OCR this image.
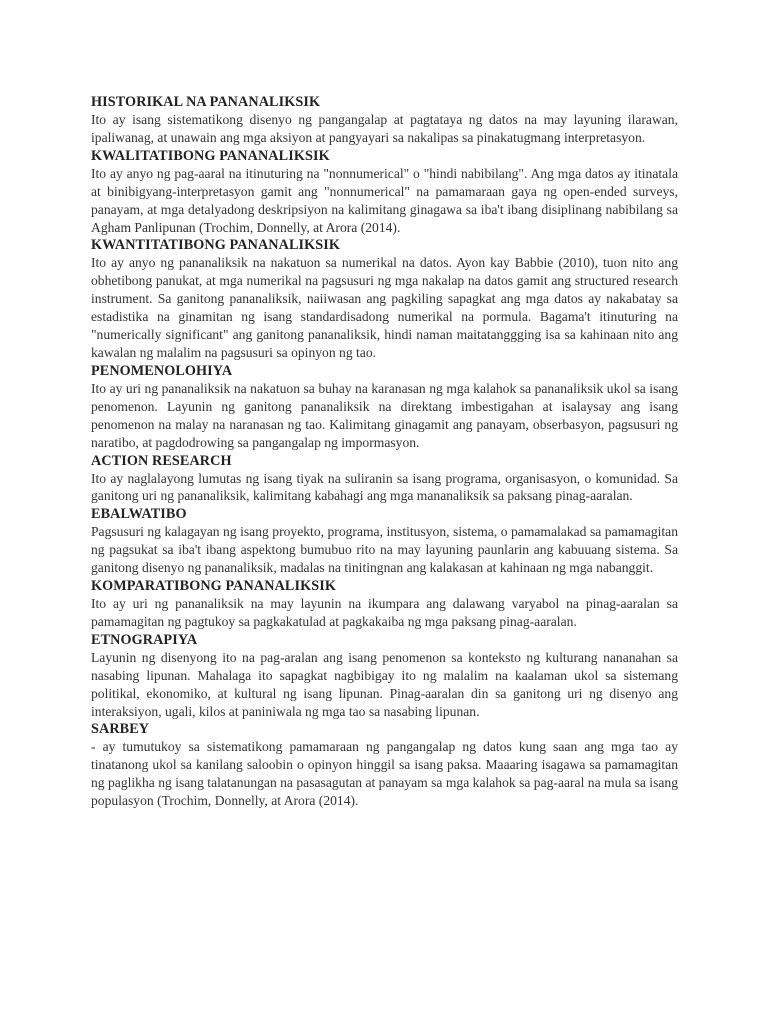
HISTORIKAL NA PANANALIKSIK

Ito ay isang sistematikong disenyo ng pangangalap at pagtataya ng datos na may layuning ilarawan, ipaliwanag, at unawain ang mga aksiyon at pangyayari sa nakalipas sa pinakatugmang interpretasyon.

KWALITATIBONG PANANALIKSIK

Ito ay anyo ng pag-aaral na itinuturing na "nonnumerical" o "hindi nabibilang". Ang mga datos ay itinatala at binibigyang-interpretasyon gamit ang "nonnumerical" na pamamaraan gaya ng open-ended surveys, panayam, at mga detalyadong deskripsiyon na kalimitang ginagawa sa iba't ibang disiplinang nabibilang sa Agham Panlipunan (Trochim, Donnelly, at Arora (2014).

KWANTITATIBONG PANANALIKSIK

Ito ay anyo ng pananaliksik na nakatuon sa numerikal na datos. Ayon kay Babbie (2010), tuon nito ang obhetibong panukat, at mga numerikal na pagsusuri ng mga nakalap na datos gamit ang structured research instrument. Sa ganitong pananaliksik, naiiwasan ang pagkiling sapagkat ang mga datos ay nakabatay sa estadistika na ginamitan ng isang standardisadong numerikal na pormula. Bagama't itinuturing na "numerically significant" ang ganitong pananaliksik, hindi naman maitatanggging isa sa kahinaan nito ang kawalan ng malalim na pagsusuri sa opinyon ng tao.

PENOMENOLOHIYA

Ito ay uri ng pananaliksik na nakatuon sa buhay na karanasan ng mga kalahok sa pananaliksik ukol sa isang penomenon. Layunin ng ganitong pananaliksik na direktang imbestigahan at isalaysay ang isang penomenon na malay na naranasan ng tao. Kalimitang ginagamit ang panayam, obserbasyon, pagsusuri ng naratibo, at pagdodrowing sa pangangalap ng impormasyon.

ACTION RESEARCH

Ito ay naglalayong lumutas ng isang tiyak na suliranin sa isang programa, organisasyon, o komunidad. Sa ganitong uri ng pananaliksik, kalimitang kabahagi ang mga mananaliksik sa paksang pinag-aaralan.

EBALWATIBO

Pagsusuri ng kalagayan ng isang proyekto, programa, institusyon, sistema, o pamamalakad sa pamamagitan ng pagsukat sa iba't ibang aspektong bumubuo rito na may layuning paunlarin ang kabuuang sistema. Sa ganitong disenyo ng pananaliksik, madalas na tinitingnan ang kalakasan at kahinaan ng mga nabanggit.

KOMPARATIBONG PANANALIKSIK

Ito ay uri ng pananaliksik na may layunin na ikumpara ang dalawang varyabol na pinag-aaralan sa pamamagitan ng pagtukoy sa pagkakatulad at pagkakaiba ng mga paksang pinag-aaralan.

ETNOGRAPIYA

Layunin ng disenyong ito na pag-aralan ang isang penomenon sa konteksto ng kulturang nananahan sa nasabing lipunan. Mahalaga ito sapagkat nagbibigay ito ng malalim na kaalaman ukol sa sistemang politikal, ekonomiko, at kultural ng isang lipunan. Pinag-aaralan din sa ganitong uri ng disenyo ang interaksiyon, ugali, kilos at paniniwala ng mga tao sa nasabing lipunan.

SARBEY

- ay tumutukoy sa sistematikong pamamaraan ng pangangalap ng datos kung saan ang mga tao ay tinatanong ukol sa kanilang saloobin o opinyon hinggil sa isang paksa. Maaaring isagawa sa pamamagitan ng paglikha ng isang talatanungan na pasasagutan at panayam sa mga kalahok sa pag-aaral na mula sa isang populasyon (Trochim, Donnelly, at Arora (2014).
